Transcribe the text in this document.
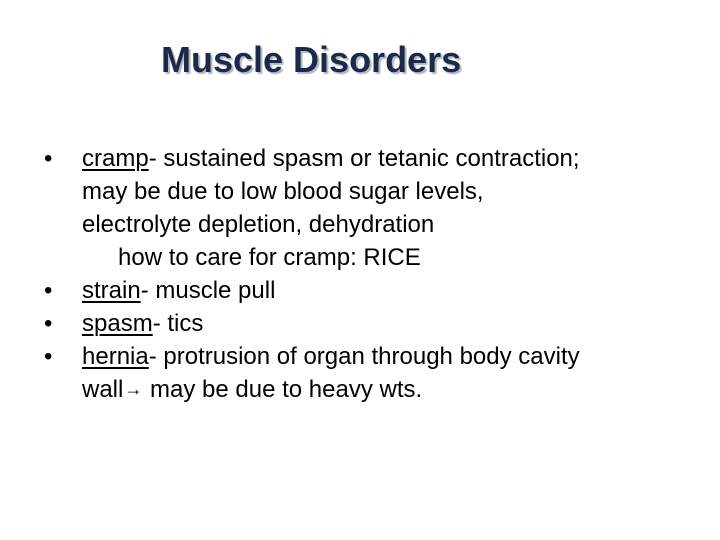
Muscle Disorders
• cramp- sustained spasm or tetanic contraction;
may be due to low blood sugar levels,
electrolyte depletion, dehydration
how to care for cramp: RICE
• strain- muscle pull
• spasm- tics
• hernia- protrusion of organ through body cavity
wall→ may be due to heavy wts.
